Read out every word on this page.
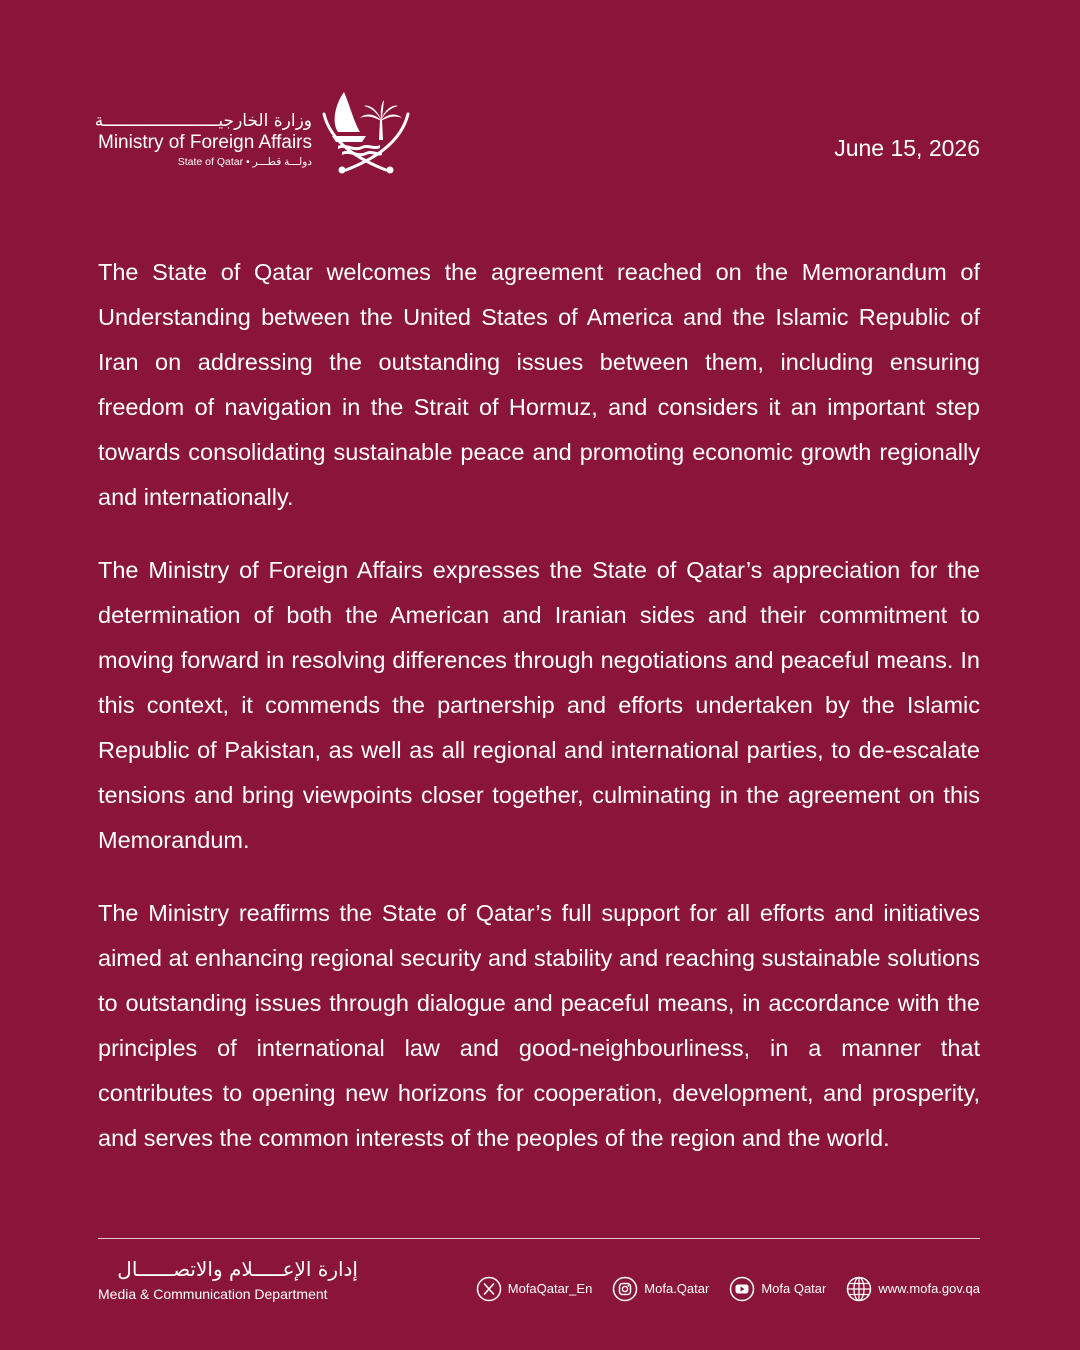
وزارة الخارجيـــــــــــــــــــــــة
Ministry of Foreign Affairs
State of Qatar • دولـــة قطـــر
June 15, 2026

The State of Qatar welcomes the agreement reached on the Memorandum of Understanding between the United States of America and the Islamic Republic of Iran on addressing the outstanding issues between them, including ensuring freedom of navigation in the Strait of Hormuz, and considers it an important step towards consolidating sustainable peace and promoting economic growth regionally and internationally.

The Ministry of Foreign Affairs expresses the State of Qatar’s appreciation for the determination of both the American and Iranian sides and their commitment to moving forward in resolving differences through negotiations and peaceful means. In this context, it commends the partnership and efforts undertaken by the Islamic Republic of Pakistan, as well as all regional and international parties, to de-escalate tensions and bring viewpoints closer together, culminating in the agreement on this Memorandum.

The Ministry reaffirms the State of Qatar’s full support for all efforts and initiatives aimed at enhancing regional security and stability and reaching sustainable solutions to outstanding issues through dialogue and peaceful means, in accordance with the principles of international law and good-neighbourliness, in a manner that contributes to opening new horizons for cooperation, development, and prosperity, and serves the common interests of the peoples of the region and the world.

إدارة الإعـــــلام والاتصــــــال
Media & Communication Department	MofaQatar_En	Mofa.Qatar	Mofa Qatar	www.mofa.gov.qa
